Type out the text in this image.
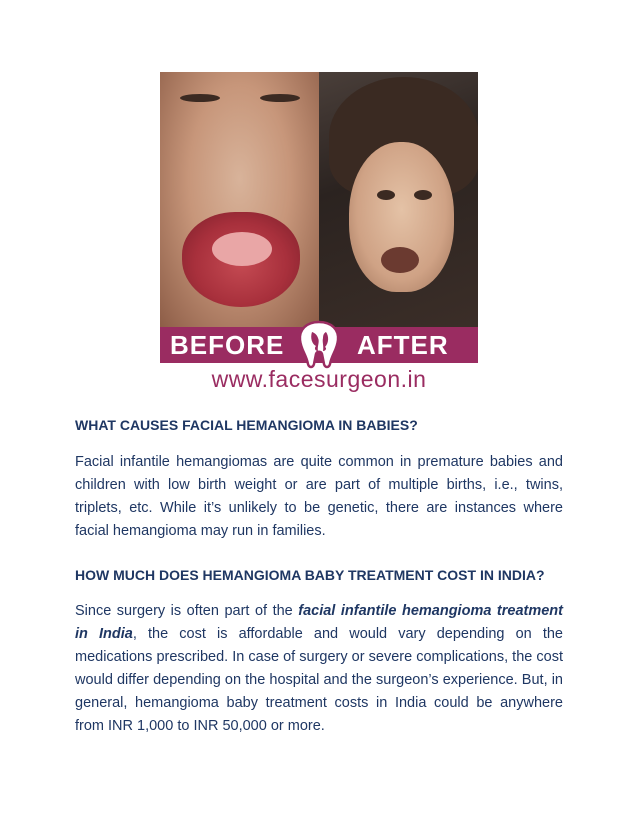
BEFORE	AFTER
www.facesurgeon.in
WHAT CAUSES FACIAL HEMANGIOMA IN BABIES?
Facial infantile hemangiomas are quite common in premature babies and children with low birth weight or are part of multiple births, i.e., twins, triplets, etc. While it’s unlikely to be genetic, there are instances where facial hemangioma may run in families.
HOW MUCH DOES HEMANGIOMA BABY TREATMENT COST IN INDIA?
Since surgery is often part of the facial infantile hemangioma treatment in India, the cost is affordable and would vary depending on the medications prescribed. In case of surgery or severe complications, the cost would differ depending on the hospital and the surgeon’s experience. But, in general, hemangioma baby treatment costs in India could be anywhere from INR 1,000 to INR 50,000 or more.
